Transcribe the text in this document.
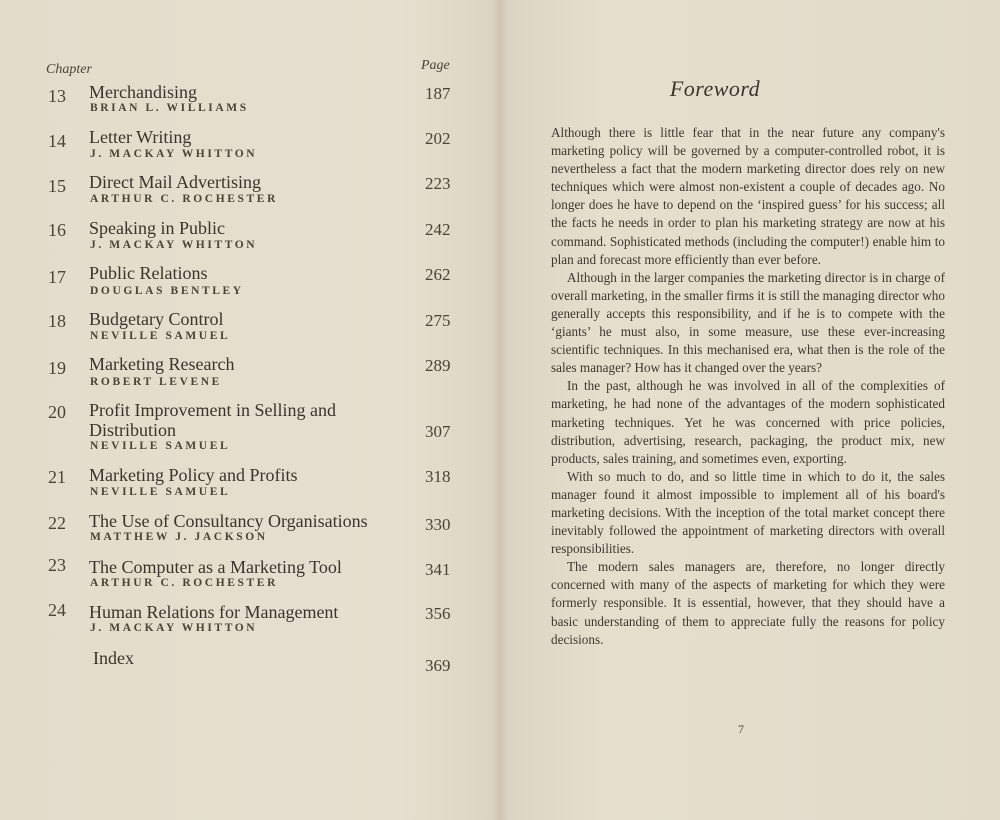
Chapter	Page
13 Merchandising
BRIAN L. WILLIAMS
187
14 Letter Writing
J. MACKAY WHITTON
202
15 Direct Mail Advertising
ARTHUR C. ROCHESTER
223
16 Speaking in Public
J. MACKAY WHITTON
242
17 Public Relations
DOUGLAS BENTLEY
262
18 Budgetary Control
NEVILLE SAMUEL
275
19 Marketing Research
ROBERT LEVENE
289
20 Profit Improvement in Selling and Distribution
NEVILLE SAMUEL
307
21 Marketing Policy and Profits
NEVILLE SAMUEL
318
22 The Use of Consultancy Organisations
MATTHEW J. JACKSON
330
23 The Computer as a Marketing Tool
ARTHUR C. ROCHESTER
341
24 Human Relations for Management
J. MACKAY WHITTON
356
Index	369
Foreword

Although there is little fear that in the near future any company's marketing policy will be governed by a computer-controlled robot, it is nevertheless a fact that the modern marketing director does rely on new techniques which were almost non-existent a couple of decades ago. No longer does he have to depend on the ‘inspired guess’ for his success; all the facts he needs in order to plan his marketing strategy are now at his command. Sophisticated methods (including the computer!) enable him to plan and forecast more efficiently than ever before.

Although in the larger companies the marketing director is in charge of overall marketing, in the smaller firms it is still the managing director who generally accepts this responsibility, and if he is to compete with the ‘giants’ he must also, in some measure, use these ever-increasing scientific techniques. In this mechanised era, what then is the role of the sales manager? How has it changed over the years?

In the past, although he was involved in all of the complexities of marketing, he had none of the advantages of the modern sophisticated marketing techniques. Yet he was concerned with price policies, distribution, advertising, research, packaging, the product mix, new products, sales training, and sometimes even, exporting.

With so much to do, and so little time in which to do it, the sales manager found it almost impossible to implement all of his board's marketing decisions. With the inception of the total market concept there inevitably followed the appointment of marketing directors with overall responsibilities.

The modern sales managers are, therefore, no longer directly concerned with many of the aspects of marketing for which they were formerly responsible. It is essential, however, that they should have a basic understanding of them to appreciate fully the reasons for policy decisions.

7
